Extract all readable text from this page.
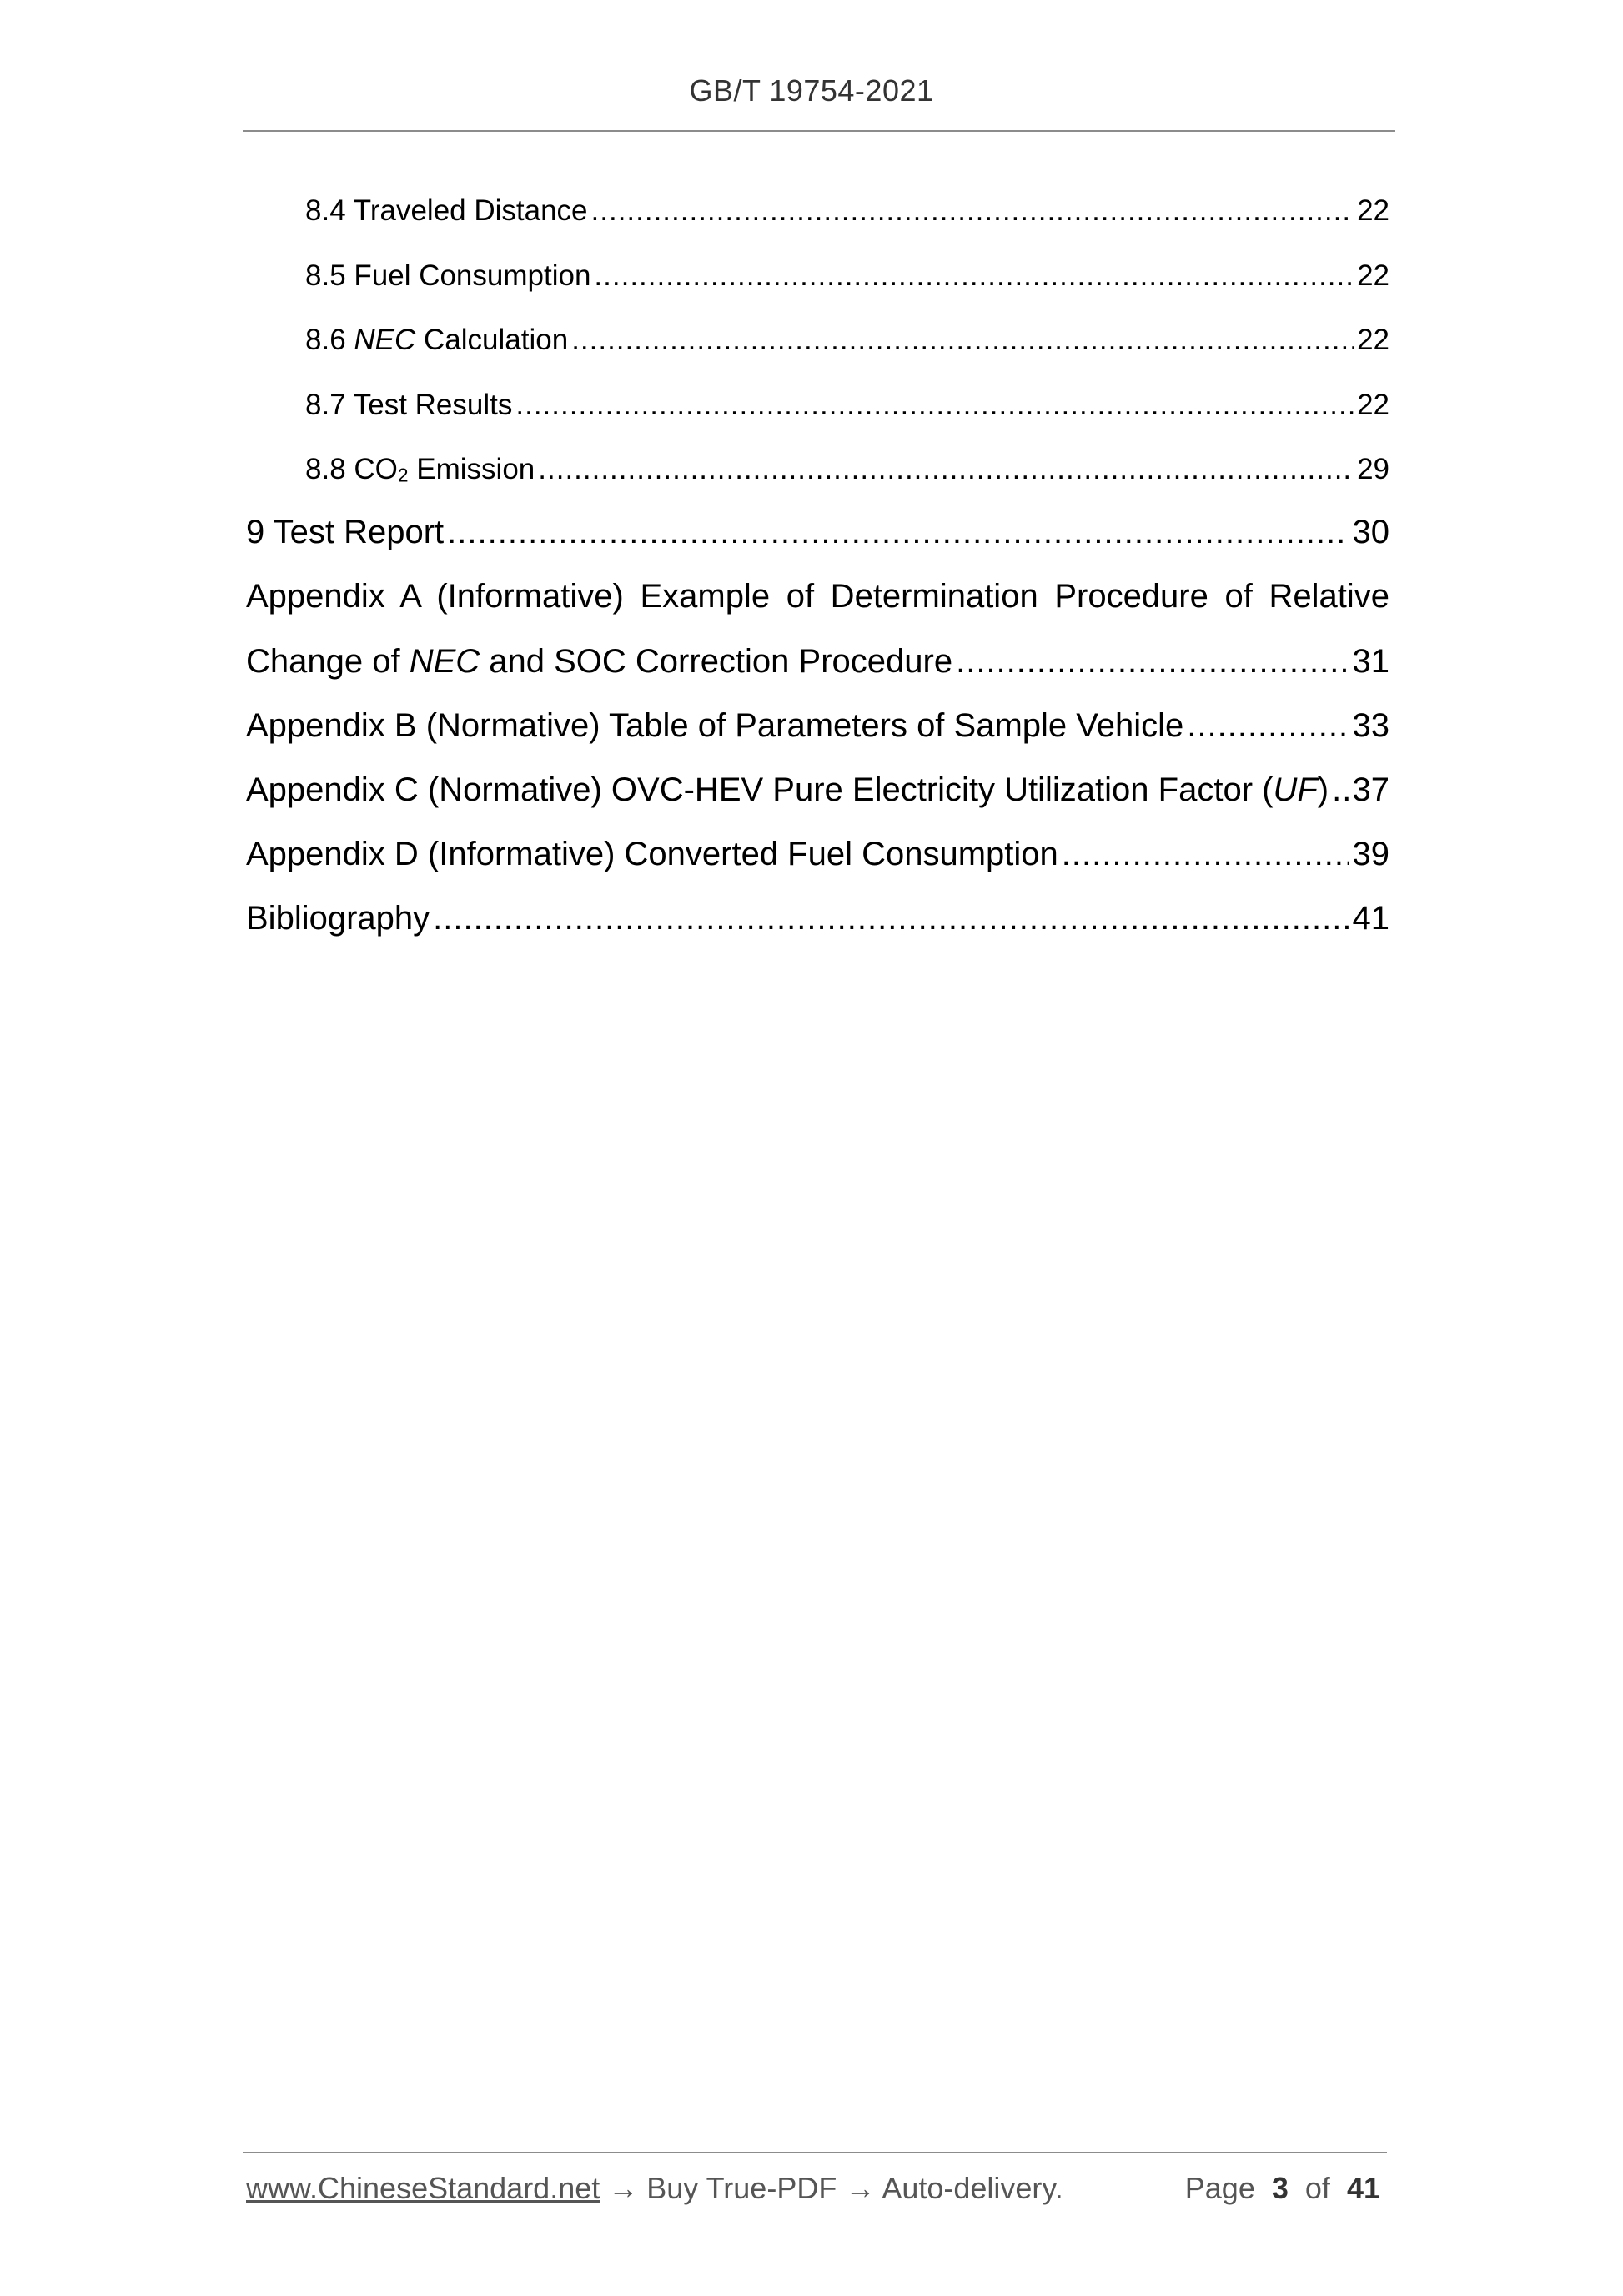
GB/T 19754-2021
8.4 Traveled Distance .....	22
8.5 Fuel Consumption .....	22
8.6 NEC Calculation .....	22
8.7 Test Results .....	22
8.8 $CO_2$ Emission .....	29
9 Test Report .....	30
Appendix A (Informative) Example of Determination Procedure of Relative
Change of NEC and SOC Correction Procedure .....	31
Appendix B (Normative) Table of Parameters of Sample Vehicle .....	33
Appendix C (Normative) OVC-HEV Pure Electricity Utilization Factor (UF) ..... 37
Appendix D (Informative) Converted Fuel Consumption .....	39
Bibliography .....	41
www.ChineseStandard.net → Buy True-PDF → Auto-delivery.	Page 3 of 41
